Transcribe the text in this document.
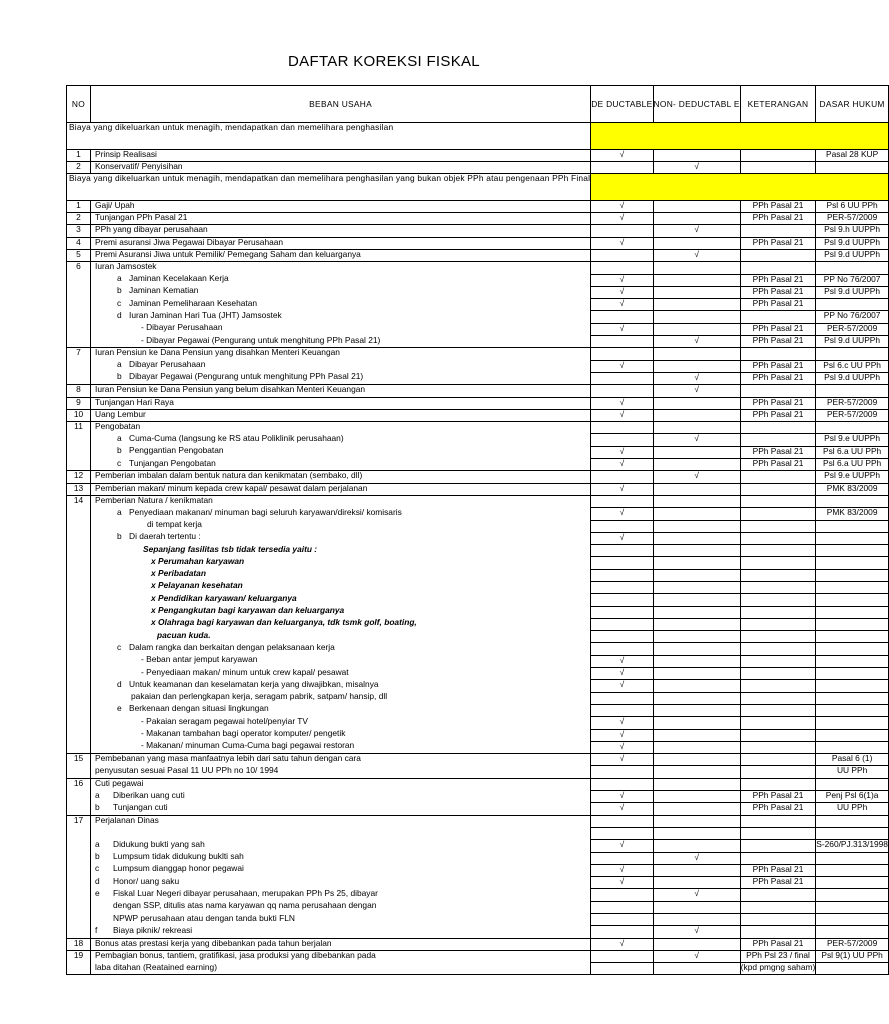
DAFTAR KOREKSI FISKAL
NO	BEBAN USAHA	DE DUCTABLE	NON- DEDUCTABL E	KETERANGAN	DASAR HUKUM
Biaya yang dikeluarkan untuk menagih, mendapatkan dan memelihara penghasilan					
1	Prinsip Realisasi	√			Pasal 28 KUP
2	Konservatif/ Penyisihan		√		
Biaya yang dikeluarkan untuk menagih, mendapatkan dan memelihara penghasilan yang bukan objek PPh atau pengenaan PPh Final					
1	Gaji/ Upah	√		PPh Pasal 21	Psl 6 UU PPh
2	Tunjangan PPh Pasal 21	√		PPh Pasal 21	PER-57/2009
3	PPh yang dibayar perusahaan		√		Psl 9.h UUPPh
4	Premi asuransi Jiwa Pegawai Dibayar Perusahaan	√		PPh Pasal 21	Psl 9.d UUPPh
5	Premi Asuransi Jiwa untuk Pemilik/ Pemegang Saham dan keluarganya		√		Psl 9.d UUPPh
6	Iuran Jamsostek				
	a Jaminan Kecelakaan Kerja	√		PPh Pasal 21	PP No 76/2007
	b Jaminan Kematian	√		PPh Pasal 21	Psl 9.d UUPPh
	c Jaminan Pemeliharaan Kesehatan	√		PPh Pasal 21	
	d Iuran Jaminan Hari Tua (JHT) Jamsostek				PP No 76/2007
	- Dibayar Perusahaan	√		PPh Pasal 21	PER-57/2009
	- Dibayar Pegawai (Pengurang untuk menghitung PPh Pasal 21)		√	PPh Pasal 21	Psl 9.d UUPPh
7	Iuran Pensiun ke Dana Pensiun yang disahkan Menteri Keuangan				
	a Dibayar Perusahaan	√		PPh Pasal 21	Psl 6.c UU PPh
	b Dibayar Pegawai (Pengurang untuk menghitung PPh Pasal 21)		√	PPh Pasal 21	Psl 9.d UUPPh
8	Iuran Pensiun ke Dana Pensiun yang belum disahkan Menteri Keuangan		√		
9	Tunjangan Hari Raya	√		PPh Pasal 21	PER-57/2009
10	Uang Lembur	√		PPh Pasal 21	PER-57/2009
11	Pengobatan				
	a Cuma-Cuma (langsung ke RS atau Poliklinik perusahaan)		√		Psl 9.e UUPPh
	b Penggantian Pengobatan	√		PPh Pasal 21	Psl 6.a UU PPh
	c Tunjangan Pengobatan	√		PPh Pasal 21	Psl 6.a UU PPh
12	Pemberian imbalan dalam bentuk natura dan kenikmatan (sembako, dll)		√		Psl 9.e UUPPh
13	Pemberian makan/ minum kepada crew kapal/ pesawat dalam perjalanan	√			PMK 83/2009
14	Pemberian Natura / kenikmatan				
	a Penyediaan makanan/ minuman bagi seluruh karyawan/direksi/ komisaris	√			PMK 83/2009
	di tempat kerja				
	b Di daerah tertentu :	√			
	Sepanjang fasilitas tsb tidak tersedia yaitu :				
	x Perumahan karyawan				
	x Peribadatan				
	x Pelayanan kesehatan				
	x Pendidikan karyawan/ keluarganya				
	x Pengangkutan bagi karyawan dan keluarganya				
	x Olahraga bagi karyawan dan keluarganya, tdk tsmk golf, boating,				
	pacuan kuda.				
	c Dalam rangka dan berkaitan dengan pelaksanaan kerja				
	- Beban antar jemput karyawan	√			
	- Penyediaan makan/ minum untuk crew kapal/ pesawat	√			
	d Untuk keamanan dan keselamatan kerja yang diwajibkan, misalnya	√			
	pakaian dan perlengkapan kerja, seragam pabrik, satpam/ hansip, dll				
	e Berkenaan dengan situasi lingkungan				
	- Pakaian seragam pegawai hotel/penyiar TV	√			
	- Makanan tambahan bagi operator komputer/ pengetik	√			
	- Makanan/ minuman Cuma-Cuma bagi pegawai restoran	√			
15	Pembebanan yang masa manfaatnya lebih dari satu tahun dengan cara	√			Pasal 6 (1)
	penyusutan sesuai Pasal 11 UU PPh no 10/ 1994				UU PPh
16	Cuti pegawai				
	a Diberikan uang cuti	√		PPh Pasal 21	Penj Psl 6(1)a
	b Tunjangan cuti	√		PPh Pasal 21	UU PPh
17	Perjalanan Dinas				

	a Didukung bukti yang sah	√			S-260/PJ.313/1998
	b Lumpsum tidak didukung buklti sah		√		
	c Lumpsum dianggap honor pegawai	√		PPh Pasal 21	
	d Honor/ uang saku	√		PPh Pasal 21	
	e Fiskal Luar Negeri dibayar perusahaan, merupakan PPh Ps 25, dibayar		√		
	dengan SSP, ditulis atas nama karyawan qq nama perusahaan dengan				
	NPWP perusahaan atau dengan tanda bukti FLN				
	f Biaya piknik/ rekreasi		√		
18	Bonus atas prestasi kerja yang dibebankan pada tahun berjalan	√		PPh Pasal 21	PER-57/2009
19	Pembagian bonus, tantiem, gratifikasi, jasa produksi yang dibebankan pada		√	PPh Psl 23 / final	Psl 9(1) UU PPh
	laba ditahan (Reatained earning)			(kpd pmgng saham)	
